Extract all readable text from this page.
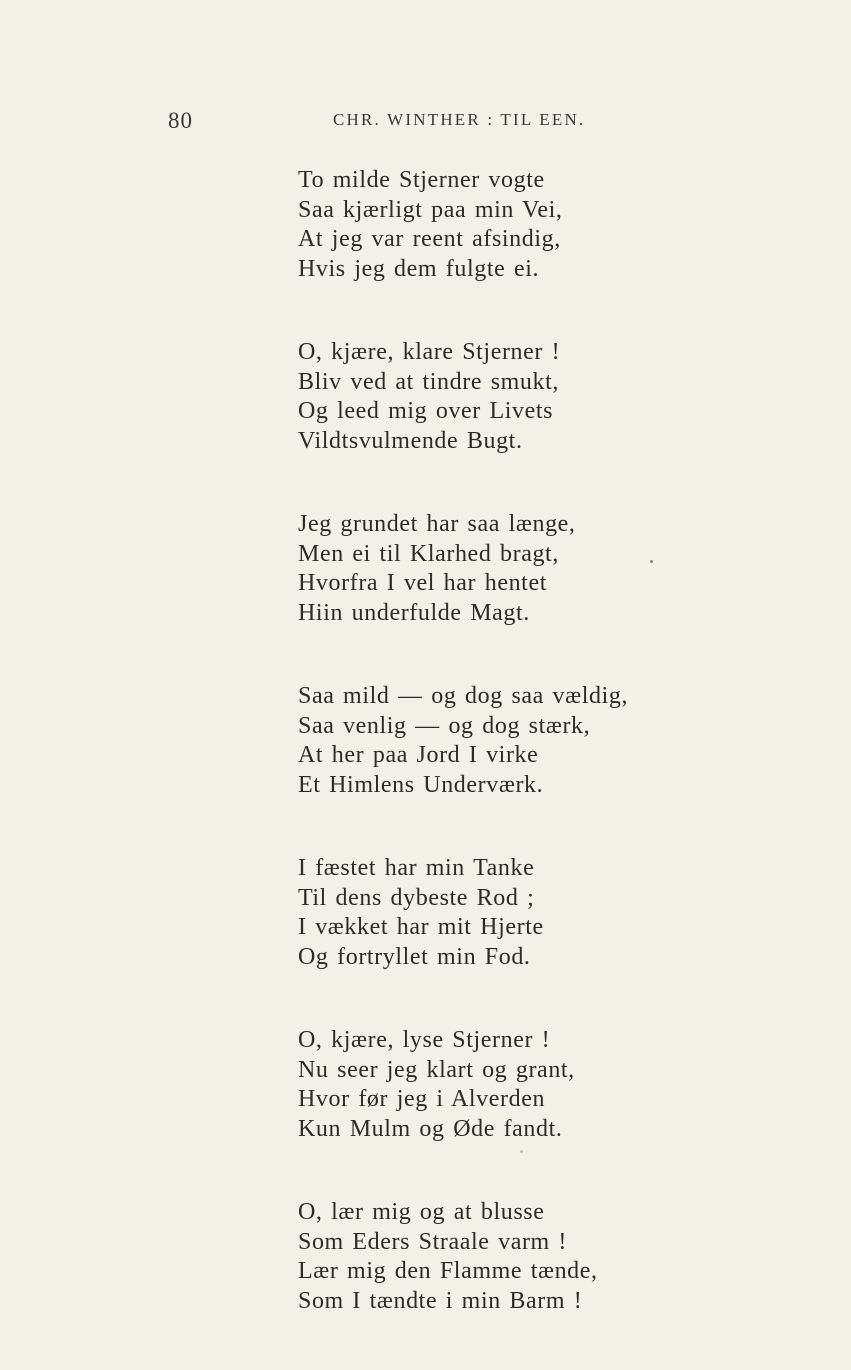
80	CHR. WINTHER : TIL EEN.
To milde Stjerner vogte
Saa kjærligt paa min Vei,
At jeg var reent afsindig,
Hvis jeg dem fulgte ei.
O, kjære, klare Stjerner !
Bliv ved at tindre smukt,
Og leed mig over Livets
Vildtsvulmende Bugt.
Jeg grundet har saa længe,
Men ei til Klarhed bragt,
Hvorfra I vel har hentet
Hiin underfulde Magt.
Saa mild — og dog saa vældig,
Saa venlig — og dog stærk,
At her paa Jord I virke
Et Himlens Underværk.
I fæstet har min Tanke
Til dens dybeste Rod ;
I vækket har mit Hjerte
Og fortryllet min Fod.
O, kjære, lyse Stjerner !
Nu seer jeg klart og grant,
Hvor før jeg i Alverden
Kun Mulm og Øde fandt.
O, lær mig og at blusse
Som Eders Straale varm !
Lær mig den Flamme tænde,
Som I tændte i min Barm !
